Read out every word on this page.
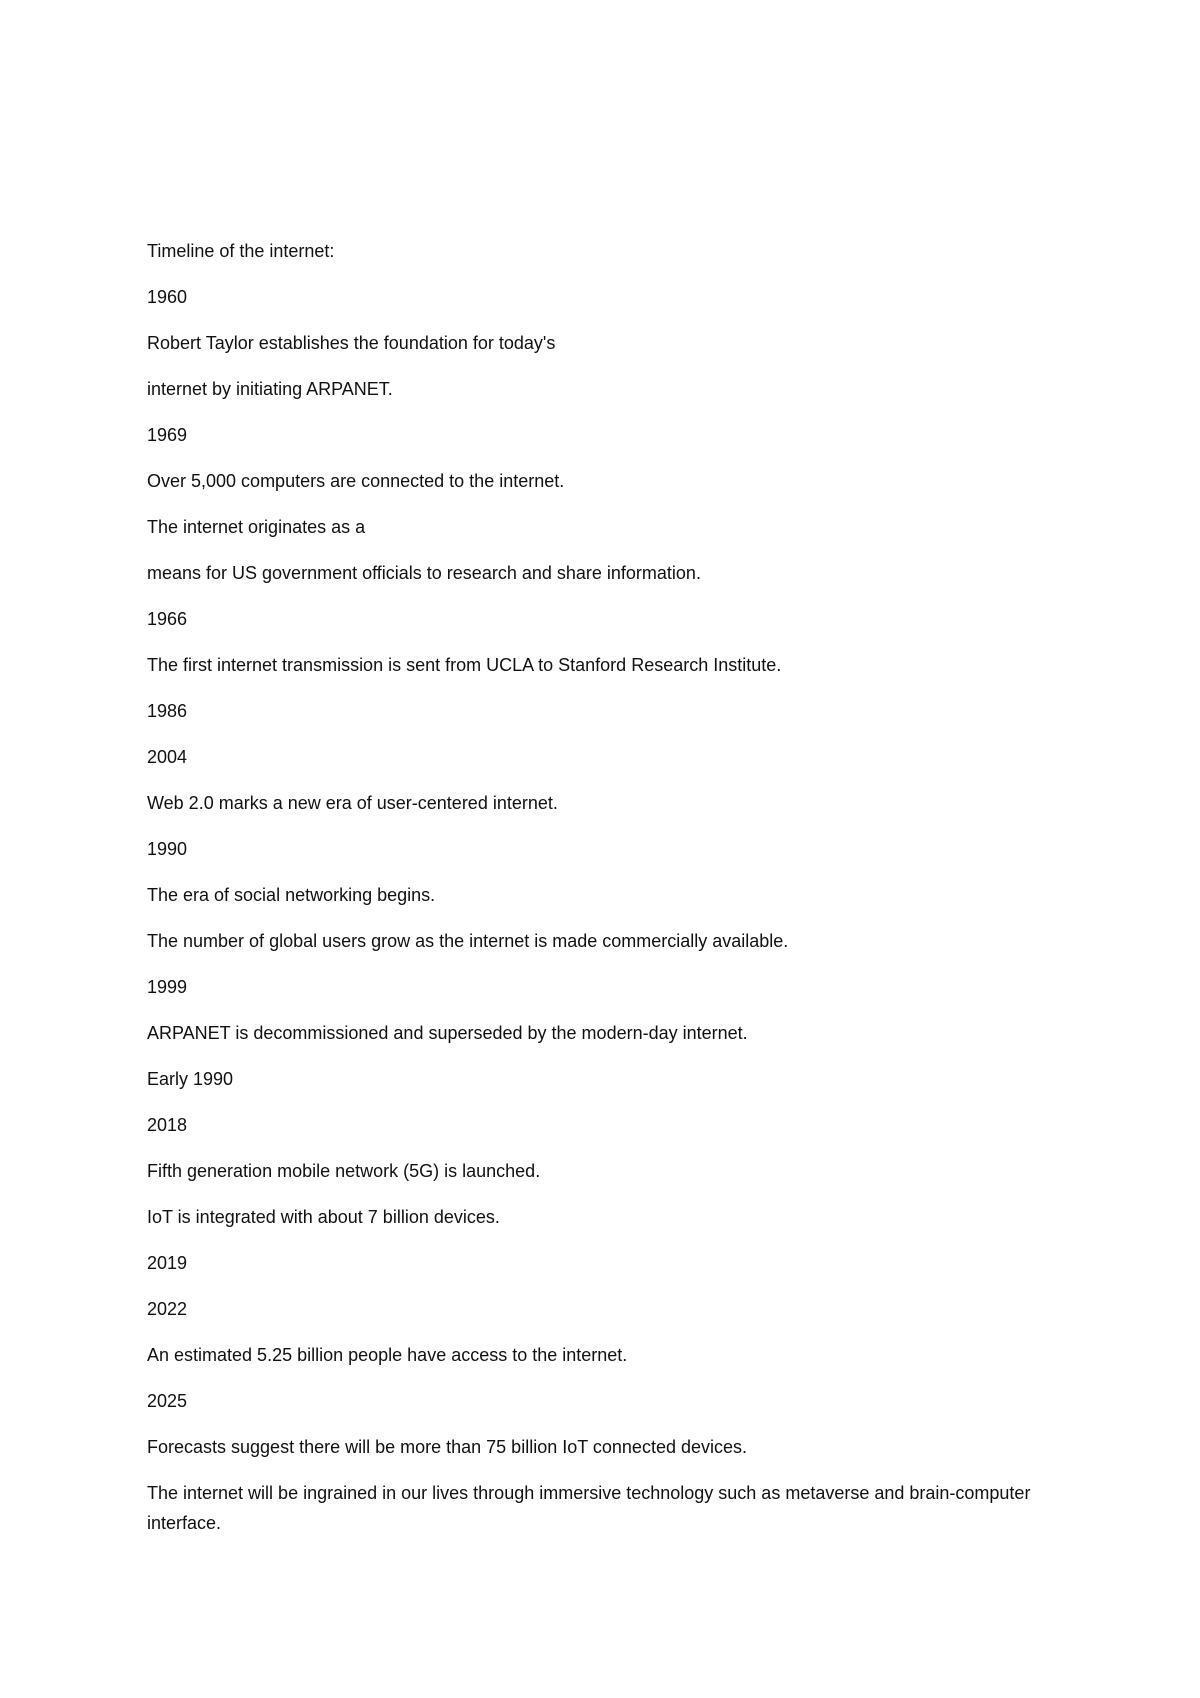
Timeline of the internet:
1960
Robert Taylor establishes the foundation for today's
internet by initiating ARPANET.
1969
Over 5,000 computers are connected to the internet.
The internet originates as a
means for US government officials to research and share information.
1966
The first internet transmission is sent from UCLA to Stanford Research Institute.
1986
2004
Web 2.0 marks a new era of user-centered internet.
1990
The era of social networking begins.
The number of global users grow as the internet is made commercially available.
1999
ARPANET is decommissioned and superseded by the modern-day internet.
Early 1990
2018
Fifth generation mobile network (5G) is launched.
IoT is integrated with about 7 billion devices.
2019
2022
An estimated 5.25 billion people have access to the internet.
2025
Forecasts suggest there will be more than 75 billion IoT connected devices.
The internet will be ingrained in our lives through immersive technology such as metaverse and brain-computer interface.
